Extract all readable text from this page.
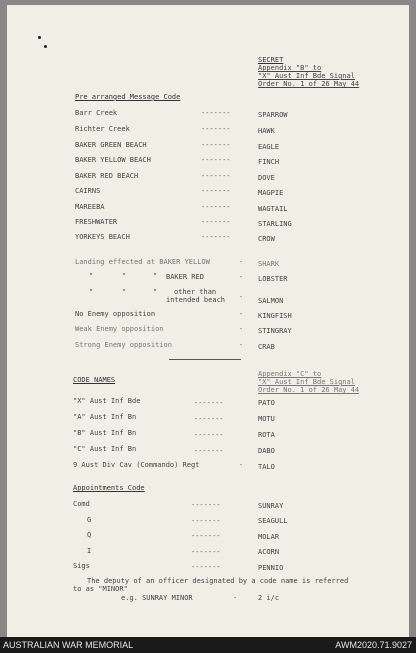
SECRET
Appendix "B" to
"X" Aust Inf Bde Signal
Order No. 1 of 26 May 44
Pre arranged Message Code
Barr Creek	-------	SPARROW
Richter Creek	-------	HAWK
BAKER GREEN BEACH	-------	EAGLE
BAKER YELLOW BEACH	-------	FINCH
BAKER RED BEACH	-------	DOVE
CAIRNS	-------	MAGPIE
MAREEBA	-------	WAGTAIL
FRESHWATER	-------	STARLING
YORKEYS BEACH	-------	CROW
Landing effected at BAKER YELLOW	- SHARK
"	"	" BAKER RED	- LOBSTER
"	"	" other than
intended beach - SALMON
No Enemy opposition	- KINGFISH
Weak Enemy opposition	- STINGRAY
Strong Enemy opposition	- CRAB
Appendix "C" to
"X" Aust Inf Bde Signal
Order No. 1 of 26 May 44
CODE NAMES
"X" Aust Inf Bde	-------	PATO
"A" Aust Inf Bn	-------	MOTU
"B" Aust Inf Bn	-------	ROTA
"C" Aust Inf Bn	-------	DABO
9 Aust Div Cav (Commando) Regt	- TALO
Appointments Code
Comd	-------	SUNRAY
G	-------	SEAGULL
Q	-------	MOLAR
I	-------	ACORN
Sigs	-------	PENNIO
The deputy of an officer designated by a code name is referred
to as "MINOR"
e.g. SUNRAY MINOR	-	2 i/c
AUSTRALIAN WAR MEMORIAL	AWM2020.71.9027
